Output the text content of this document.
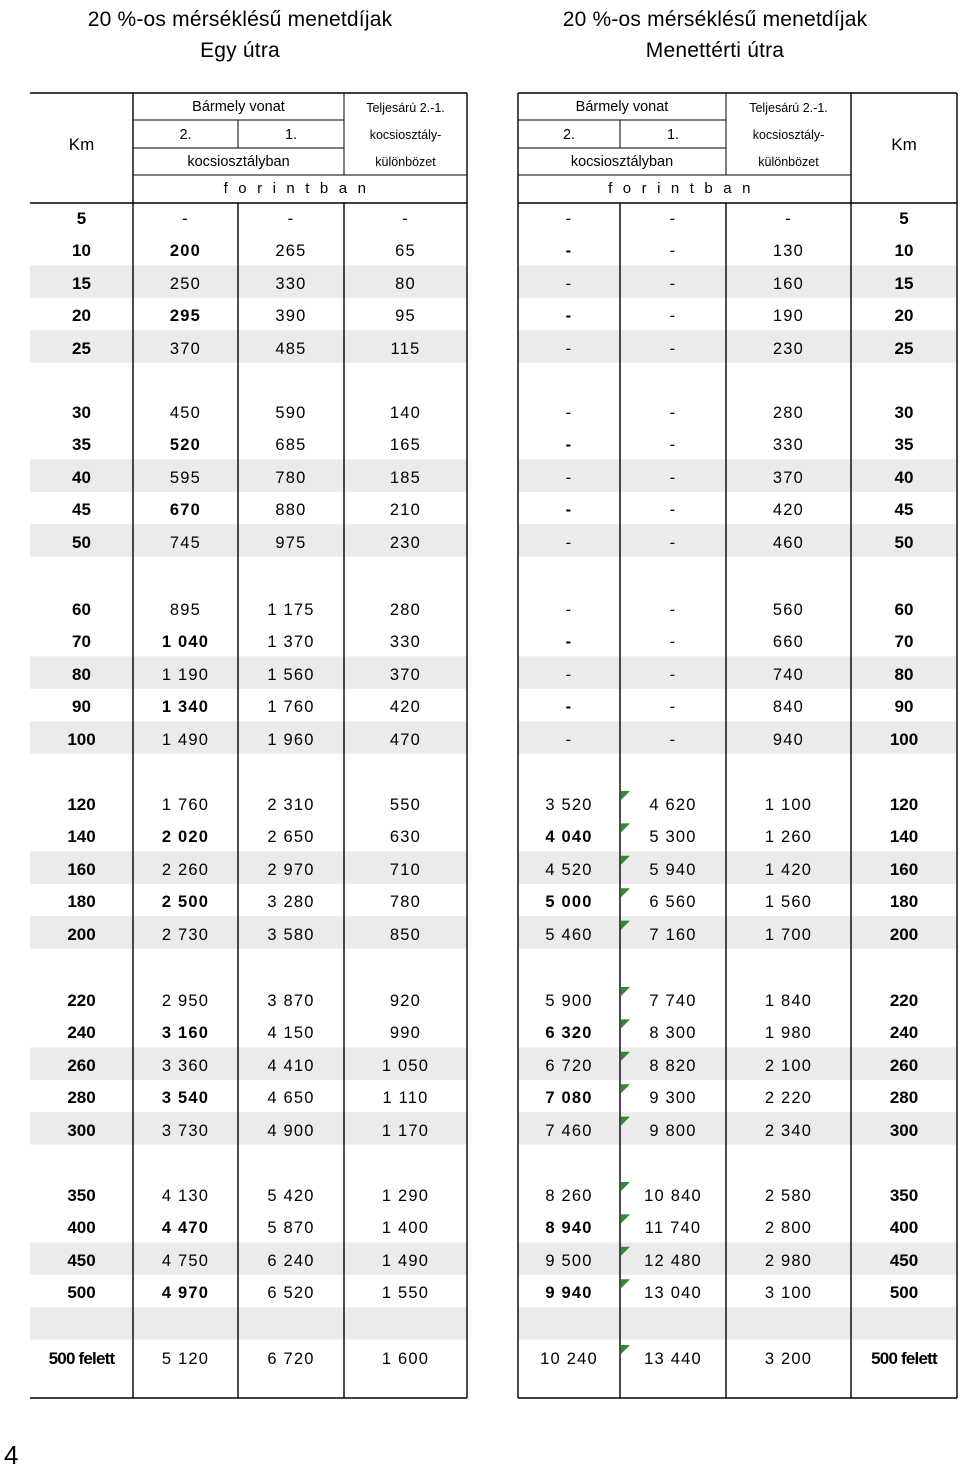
20 %-os mérséklésű menetdíjak
Egy útra
20 %-os mérséklésű menetdíjak
Menettérti útra
Km
Bármely vonat
2.	1.
kocsiosztályban
Teljesárú 2.-1.
kocsiosztály-
különbözet
forintban
Bármely vonat
2.	1.
kocsiosztályban
Teljesárú 2.-1.
kocsiosztály-
különbözet
forintban
Km
5	-	-	-	-	-	-	5
10	200	265	65	-	-	130	10
15	250	330	80	-	-	160	15
20	295	390	95	-	-	190	20
25	370	485	115	-	-	230	25
30	450	590	140	-	-	280	30
35	520	685	165	-	-	330	35
40	595	780	185	-	-	370	40
45	670	880	210	-	-	420	45
50	745	975	230	-	-	460	50
60	895	1 175	280	-	-	560	60
70	1 040	1 370	330	-	-	660	70
80	1 190	1 560	370	-	-	740	80
90	1 340	1 760	420	-	-	840	90
100	1 490	1 960	470	-	-	940	100
120	1 760	2 310	550	3 520	4 620	1 100	120
140	2 020	2 650	630	4 040	5 300	1 260	140
160	2 260	2 970	710	4 520	5 940	1 420	160
180	2 500	3 280	780	5 000	6 560	1 560	180
200	2 730	3 580	850	5 460	7 160	1 700	200
220	2 950	3 870	920	5 900	7 740	1 840	220
240	3 160	4 150	990	6 320	8 300	1 980	240
260	3 360	4 410	1 050	6 720	8 820	2 100	260
280	3 540	4 650	1 110	7 080	9 300	2 220	280
300	3 730	4 900	1 170	7 460	9 800	2 340	300
350	4 130	5 420	1 290	8 260	10 840	2 580	350
400	4 470	5 870	1 400	8 940	11 740	2 800	400
450	4 750	6 240	1 490	9 500	12 480	2 980	450
500	4 970	6 520	1 550	9 940	13 040	3 100	500
500 felett	5 120	6 720	1 600	10 240	13 440	3 200	500 felett
4
